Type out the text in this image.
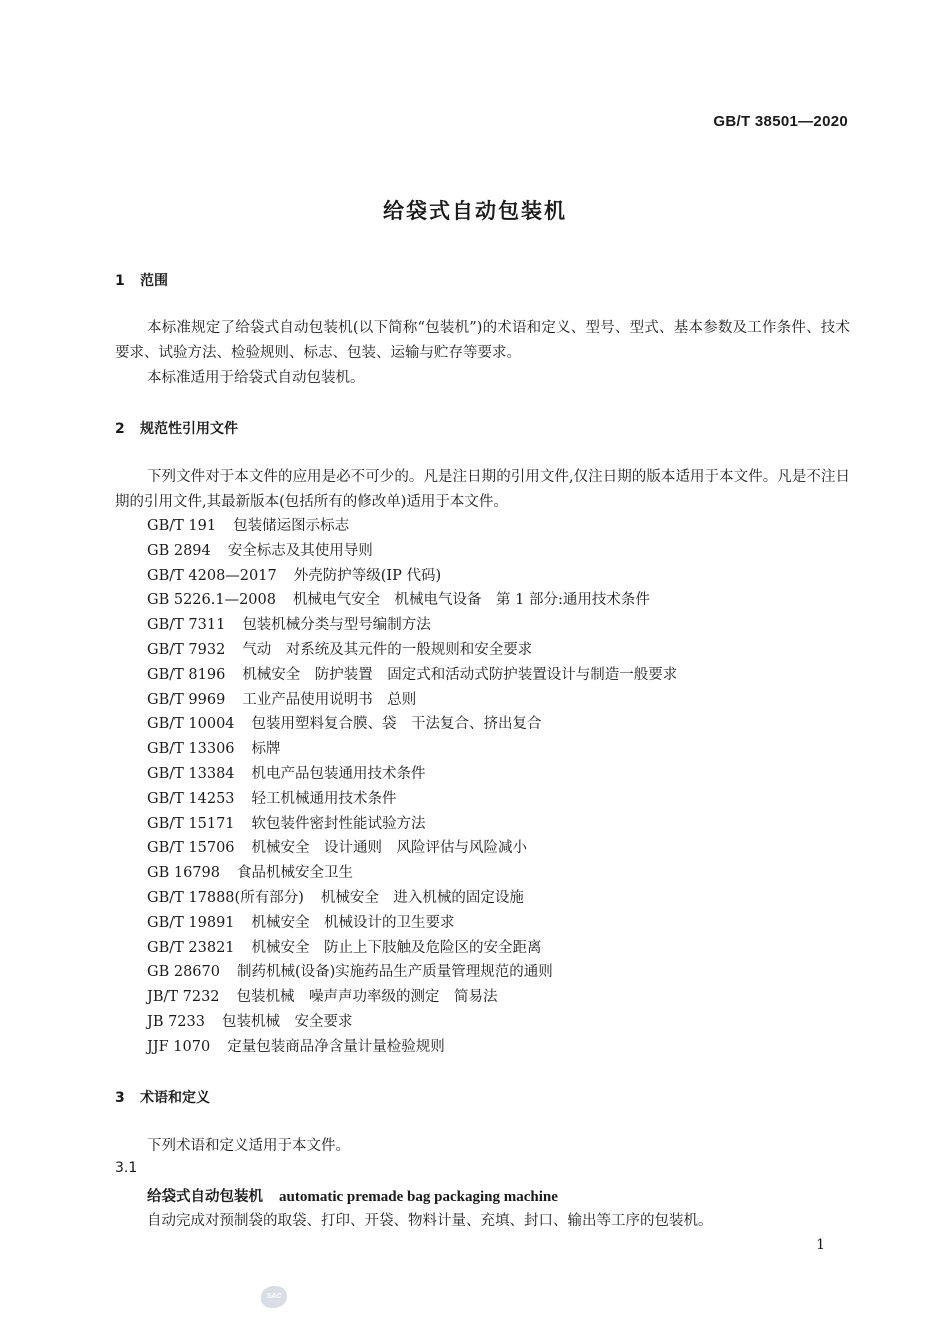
GB/T 38501—2020
给袋式自动包装机
1 范围

本标准规定了给袋式自动包装机(以下简称“包装机”)的术语和定义、型号、型式、基本参数及工作条件、技术要求、试验方法、检验规则、标志、包装、运输与贮存等要求。

本标准适用于给袋式自动包装机。

2 规范性引用文件

下列文件对于本文件的应用是必不可少的。凡是注日期的引用文件,仅注日期的版本适用于本文件。凡是不注日期的引用文件,其最新版本(包括所有的修改单)适用于本文件。

GB/T 191 包装储运图示标志
GB 2894 安全标志及其使用导则
GB/T 4208—2017 外壳防护等级(IP 代码)
GB 5226.1—2008 机械电气安全　机械电气设备　第 1 部分:通用技术条件
GB/T 7311 包装机械分类与型号编制方法
GB/T 7932 气动　对系统及其元件的一般规则和安全要求
GB/T 8196 机械安全　防护装置　固定式和活动式防护装置设计与制造一般要求
GB/T 9969 工业产品使用说明书　总则
GB/T 10004 包装用塑料复合膜、袋　干法复合、挤出复合
GB/T 13306 标牌
GB/T 13384 机电产品包装通用技术条件
GB/T 14253 轻工机械通用技术条件
GB/T 15171 软包装件密封性能试验方法
GB/T 15706 机械安全　设计通则　风险评估与风险减小
GB 16798 食品机械安全卫生
GB/T 17888(所有部分) 机械安全　进入机械的固定设施
GB/T 19891 机械安全　机械设计的卫生要求
GB/T 23821 机械安全　防止上下肢触及危险区的安全距离
GB 28670 制药机械(设备)实施药品生产质量管理规范的通则
JB/T 7232 包装机械　噪声声功率级的测定　简易法
JB 7233 包装机械　安全要求
JJF 1070 定量包装商品净含量计量检验规则
3 术语和定义

下列术语和定义适用于本文件。

3.1
给袋式自动包装机 automatic premade bag packaging machine

自动完成对预制袋的取袋、打印、开袋、物料计量、充填、封口、输出等工序的包装机。

1
SAC
